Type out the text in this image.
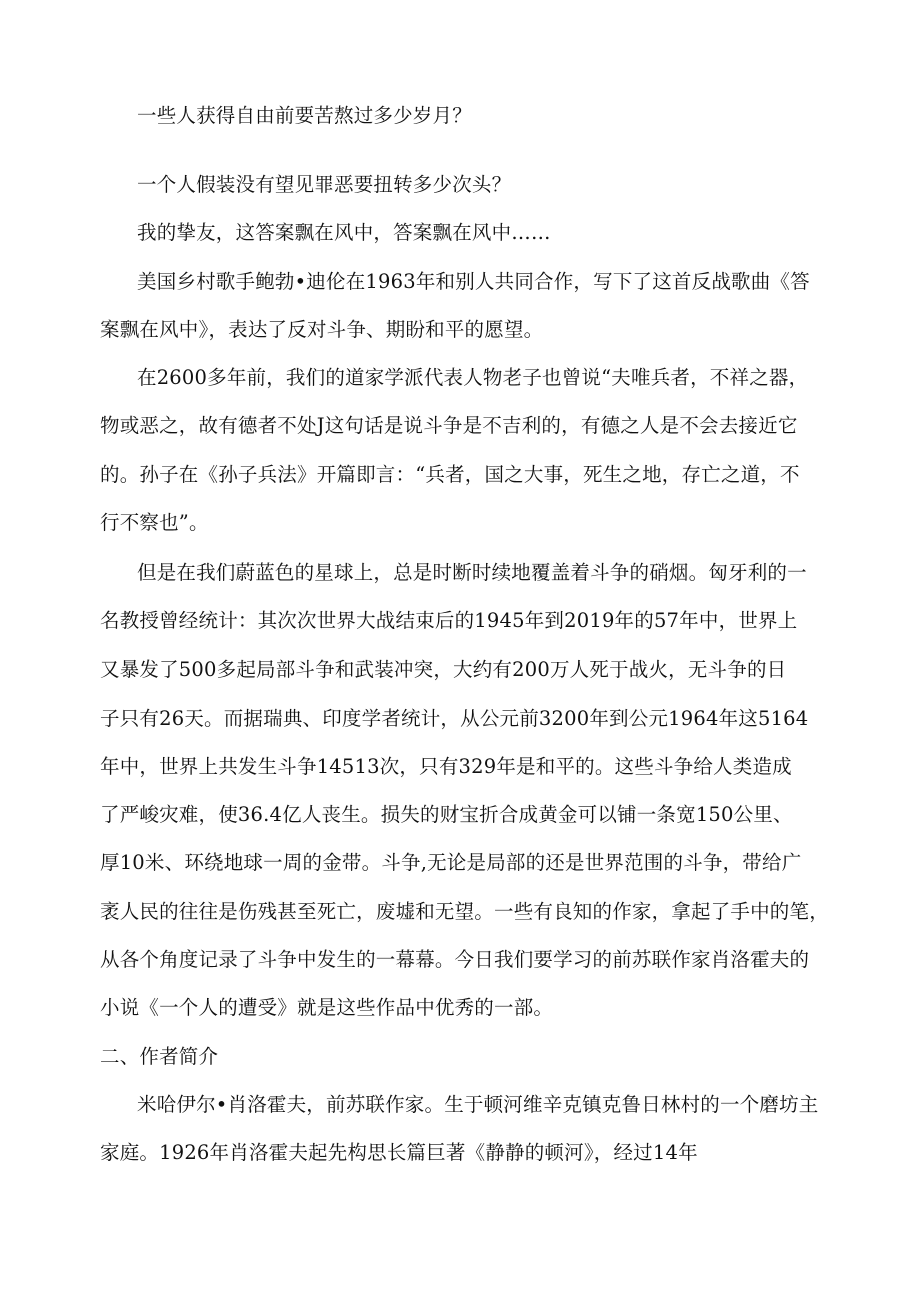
一些人获得自由前要苦熬过多少岁月？

一个人假装没有望见罪恶要扭转多少次头？

我的挚友，这答案飘在风中，答案飘在风中……

美国乡村歌手鲍勃•迪伦在1963年和别人共同合作，写下了这首反战歌曲《答

案飘在风中》，表达了反对斗争、期盼和平的愿望。

在2600多年前，我们的道家学派代表人物老子也曾说“夫唯兵者，不祥之器，

物或恶之，故有德者不处J这句话是说斗争是不吉利的，有德之人是不会去接近它

的。孙子在《孙子兵法》开篇即言：“兵者，国之大事，死生之地，存亡之道，不

行不察也”。

但是在我们蔚蓝色的星球上，总是时断时续地覆盖着斗争的硝烟。匈牙利的一

名教授曾经统计：其次次世界大战结束后的1945年到2019年的57年中，世界上

又暴发了500多起局部斗争和武装冲突，大约有200万人死于战火，无斗争的日

子只有26天。而据瑞典、印度学者统计，从公元前3200年到公元1964年这5164

年中，世界上共发生斗争14513次，只有329年是和平的。这些斗争给人类造成

了严峻灾难，使36.4亿人丧生。损失的财宝折合成黄金可以铺一条宽150公里、

厚10米、环绕地球一周的金带。斗争,无论是局部的还是世界范围的斗争，带给广

袤人民的往往是伤残甚至死亡，废墟和无望。一些有良知的作家，拿起了手中的笔，

从各个角度记录了斗争中发生的一幕幕。今日我们要学习的前苏联作家肖洛霍夫的

小说《一个人的遭受》就是这些作品中优秀的一部。

二、作者简介

米哈伊尔•肖洛霍夫，前苏联作家。生于顿河维辛克镇克鲁日林村的一个磨坊主

家庭。1926年肖洛霍夫起先构思长篇巨著《静静的顿河》，经过14年
